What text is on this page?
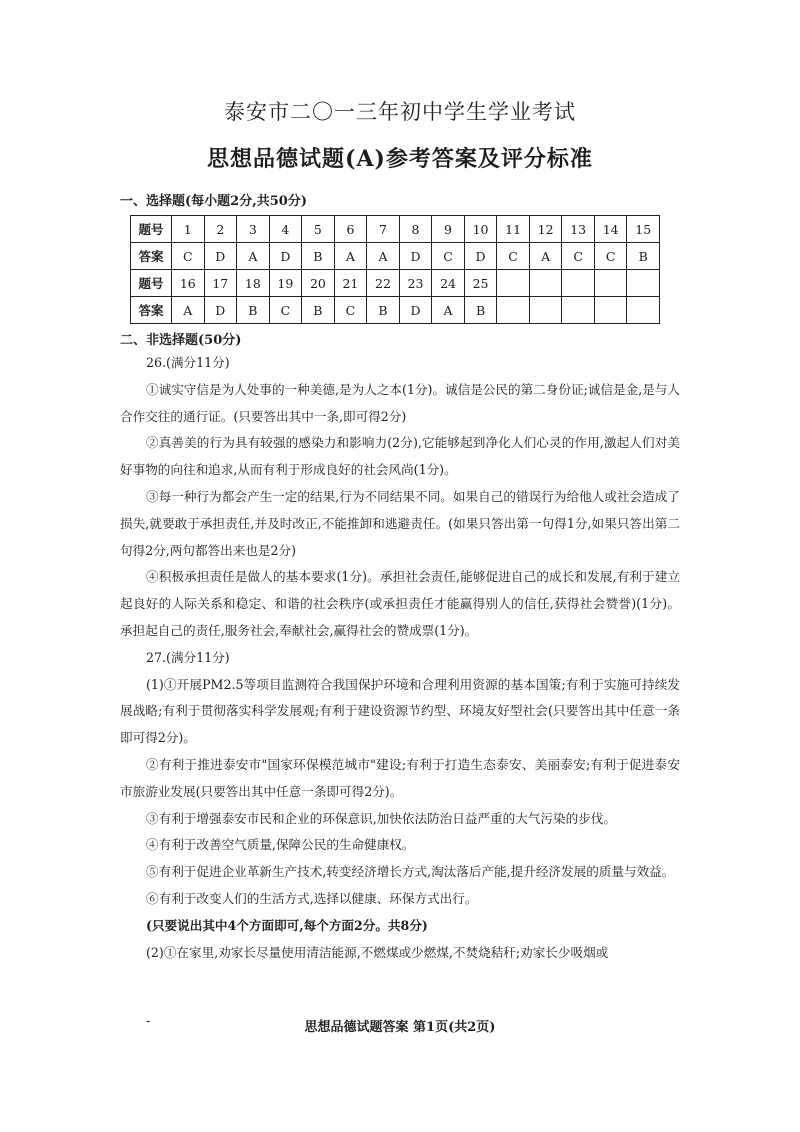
泰安市二〇一三年初中学生学业考试
思想品德试题(A)参考答案及评分标准
一、选择题(每小题2分,共50分)
题号	1	2	3	4	5	6	7	8	9	10	11	12	13	14	15
答案	C	D	A	D	B	A	A	D	C	D	C	A	C	C	B
题号	16	17	18	19	20	21	22	23	24	25					
答案	A	D	B	C	B	C	B	D	A	B					
二、非选择题(50分)

26.(满分11分)

①诚实守信是为人处事的一种美德,是为人之本(1分)。诚信是公民的第二身份证;诚信是金,是与人合作交往的通行证。(只要答出其中一条,即可得2分)

②真善美的行为具有较强的感染力和影响力(2分),它能够起到净化人们心灵的作用,激起人们对美好事物的向往和追求,从而有利于形成良好的社会风尚(1分)。

③每一种行为都会产生一定的结果,行为不同结果不同。如果自己的错误行为给他人或社会造成了损失,就要敢于承担责任,并及时改正,不能推卸和逃避责任。(如果只答出第一句得1分,如果只答出第二句得2分,两句都答出来也是2分)

④积极承担责任是做人的基本要求(1分)。承担社会责任,能够促进自己的成长和发展,有利于建立起良好的人际关系和稳定、和谐的社会秩序(或承担责任才能赢得别人的信任,获得社会赞誉)(1分)。承担起自己的责任,服务社会,奉献社会,赢得社会的赞成票(1分)。

27.(满分11分)

(1)①开展PM2.5等项目监测符合我国保护环境和合理利用资源的基本国策;有利于实施可持续发展战略;有利于贯彻落实科学发展观;有利于建设资源节约型、环境友好型社会(只要答出其中任意一条即可得2分)。

②有利于推进泰安市"国家环保模范城市"建设;有利于打造生态泰安、美丽泰安;有利于促进泰安市旅游业发展(只要答出其中任意一条即可得2分)。

③有利于增强泰安市民和企业的环保意识,加快依法防治日益严重的大气污染的步伐。

④有利于改善空气质量,保障公民的生命健康权。

⑤有利于促进企业革新生产技术,转变经济增长方式,淘汰落后产能,提升经济发展的质量与效益。

⑥有利于改变人们的生活方式,选择以健康、环保方式出行。

(只要说出其中4个方面即可,每个方面2分。共8分)

(2)①在家里,劝家长尽量使用清洁能源,不燃煤或少燃煤,不焚烧秸秆;劝家长少吸烟或

-	思想品德试题答案 第1页(共2页)
